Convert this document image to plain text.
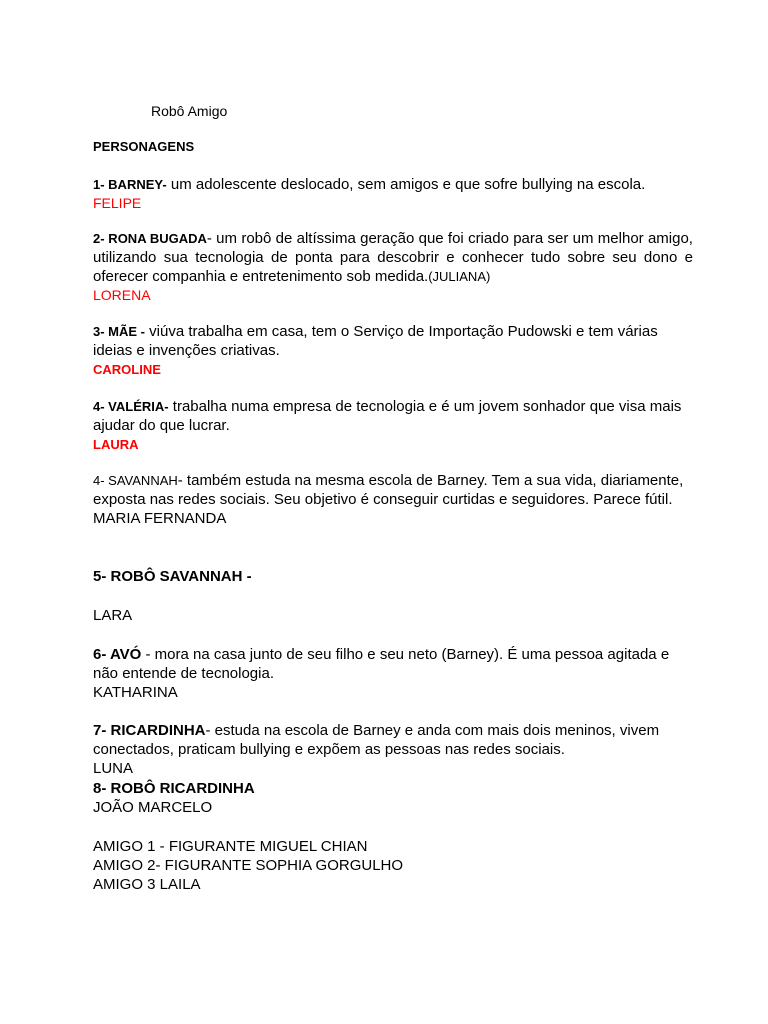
Robô Amigo
PERSONAGENS
1- BARNEY- um adolescente deslocado, sem amigos e que sofre bullying na escola.
FELIPE
2- RONA BUGADA- um robô de altíssima geração que foi criado para ser um melhor amigo, utilizando sua tecnologia de ponta para descobrir e conhecer tudo sobre seu dono e oferecer companhia e entretenimento sob medida.(JULIANA)
LORENA
3- MÃE - viúva trabalha em casa, tem o Serviço de Importação Pudowski e tem várias ideias e invenções criativas.
CAROLINE
4- VALÉRIA- trabalha numa empresa de tecnologia e é um jovem sonhador que visa mais ajudar do que lucrar.
LAURA
4- SAVANNAH- também estuda na mesma escola de Barney. Tem a sua vida, diariamente, exposta nas redes sociais. Seu objetivo é conseguir curtidas e seguidores. Parece fútil.
MARIA FERNANDA
5- ROBÔ SAVANNAH -
LARA
6- AVÓ - mora na casa junto de seu filho e seu neto (Barney). É uma pessoa agitada e não entende de tecnologia.
KATHARINA
7- RICARDINHA- estuda na escola de Barney e anda com mais dois meninos, vivem conectados, praticam bullying e expõem as pessoas nas redes sociais.
LUNA
8- ROBÔ RICARDINHA
JOÃO MARCELO
AMIGO 1 - FIGURANTE MIGUEL CHIAN
AMIGO 2- FIGURANTE SOPHIA GORGULHO
AMIGO 3 LAILA
